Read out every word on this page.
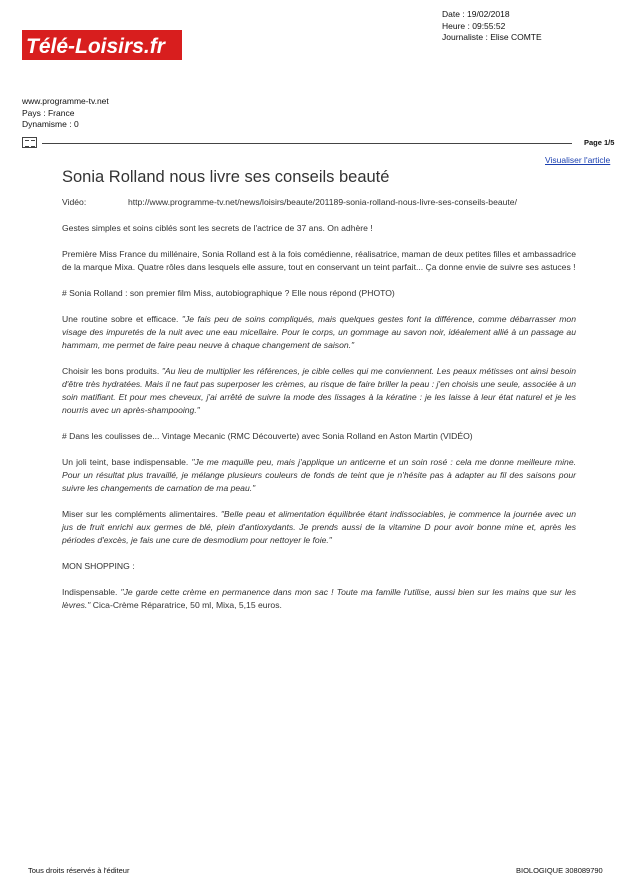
Télé-Loisirs.fr
Date : 19/02/2018
Heure : 09:55:52
Journaliste : Elise COMTE
www.programme-tv.net
Pays : France
Dynamisme : 0
Page 1/5
Visualiser l'article
Sonia Rolland nous livre ses conseils beauté
Vidéo:	http://www.programme-tv.net/news/loisirs/beaute/201189-sonia-rolland-nous-livre-ses-conseils-beaute/

Gestes simples et soins ciblés sont les secrets de l'actrice de 37 ans. On adhère !

Première Miss France du millénaire, Sonia Rolland est à la fois comédienne, réalisatrice, maman de deux petites filles et ambassadrice de la marque Mixa. Quatre rôles dans lesquels elle assure, tout en conservant un teint parfait... Ça donne envie de suivre ses astuces !

# Sonia Rolland : son premier film Miss, autobiographique ? Elle nous répond (PHOTO)

Une routine sobre et efficace. "Je fais peu de soins compliqués, mais quelques gestes font la différence, comme débarrasser mon visage des impuretés de la nuit avec une eau micellaire. Pour le corps, un gommage au savon noir, idéalement allié à un passage au hammam, me permet de faire peau neuve à chaque changement de saison."

Choisir les bons produits. "Au lieu de multiplier les références, je cible celles qui me conviennent. Les peaux métisses ont ainsi besoin d'être très hydratées. Mais il ne faut pas superposer les crèmes, au risque de faire briller la peau : j'en choisis une seule, associée à un soin matifiant. Et pour mes cheveux, j'ai arrêté de suivre la mode des lissages à la kératine : je les laisse à leur état naturel et je les nourris avec un après-shampooing."

# Dans les coulisses de... Vintage Mecanic (RMC Découverte) avec Sonia Rolland en Aston Martin (VIDÉO)

Un joli teint, base indispensable. "Je me maquille peu, mais j'applique un anticerne et un soin rosé : cela me donne meilleure mine. Pour un résultat plus travaillé, je mélange plusieurs couleurs de fonds de teint que je n'hésite pas à adapter au fil des saisons pour suivre les changements de carnation de ma peau."

Miser sur les compléments alimentaires. "Belle peau et alimentation équilibrée étant indissociables, je commence la journée avec un jus de fruit enrichi aux germes de blé, plein d'antioxydants. Je prends aussi de la vitamine D pour avoir bonne mine et, après les périodes d'excès, je fais une cure de desmodium pour nettoyer le foie."

MON SHOPPING :

Indispensable. "Je garde cette crème en permanence dans mon sac ! Toute ma famille l'utilise, aussi bien sur les mains que sur les lèvres." Cica-Crème Réparatrice, 50 ml, Mixa, 5,15 euros.

Tous droits réservés à l'éditeur	BIOLOGIQUE 308089790
